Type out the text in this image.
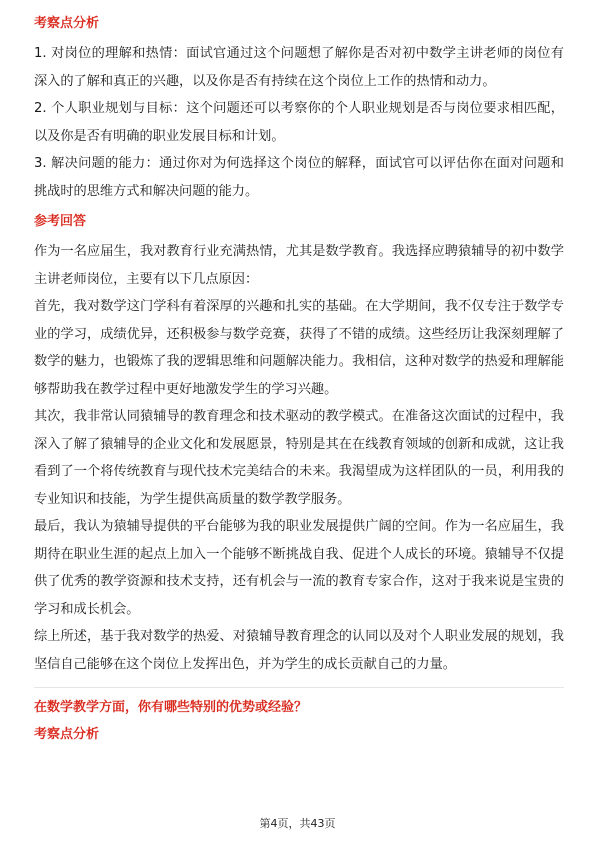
考察点分析

1. 对岗位的理解和热情：面试官通过这个问题想了解你是否对初中数学主讲老师的岗位有深入的了解和真正的兴趣，以及你是否有持续在这个岗位上工作的热情和动力。

2. 个人职业规划与目标：这个问题还可以考察你的个人职业规划是否与岗位要求相匹配，以及你是否有明确的职业发展目标和计划。

3. 解决问题的能力：通过你对为何选择这个岗位的解释，面试官可以评估你在面对问题和挑战时的思维方式和解决问题的能力。

参考回答

作为一名应届生，我对教育行业充满热情，尤其是数学教育。我选择应聘猿辅导的初中数学主讲老师岗位，主要有以下几点原因：

首先，我对数学这门学科有着深厚的兴趣和扎实的基础。在大学期间，我不仅专注于数学专业的学习，成绩优异，还积极参与数学竞赛，获得了不错的成绩。这些经历让我深刻理解了数学的魅力，也锻炼了我的逻辑思维和问题解决能力。我相信，这种对数学的热爱和理解能够帮助我在教学过程中更好地激发学生的学习兴趣。

其次，我非常认同猿辅导的教育理念和技术驱动的教学模式。在准备这次面试的过程中，我深入了解了猿辅导的企业文化和发展愿景，特别是其在在线教育领域的创新和成就，这让我看到了一个将传统教育与现代技术完美结合的未来。我渴望成为这样团队的一员，利用我的专业知识和技能，为学生提供高质量的数学教学服务。

最后，我认为猿辅导提供的平台能够为我的职业发展提供广阔的空间。作为一名应届生，我期待在职业生涯的起点上加入一个能够不断挑战自我、促进个人成长的环境。猿辅导不仅提供了优秀的教学资源和技术支持，还有机会与一流的教育专家合作，这对于我来说是宝贵的学习和成长机会。

综上所述，基于我对数学的热爱、对猿辅导教育理念的认同以及对个人职业发展的规划，我坚信自己能够在这个岗位上发挥出色，并为学生的成长贡献自己的力量。

在数学教学方面，你有哪些特别的优势或经验？
考察点分析
第4页，共43页
